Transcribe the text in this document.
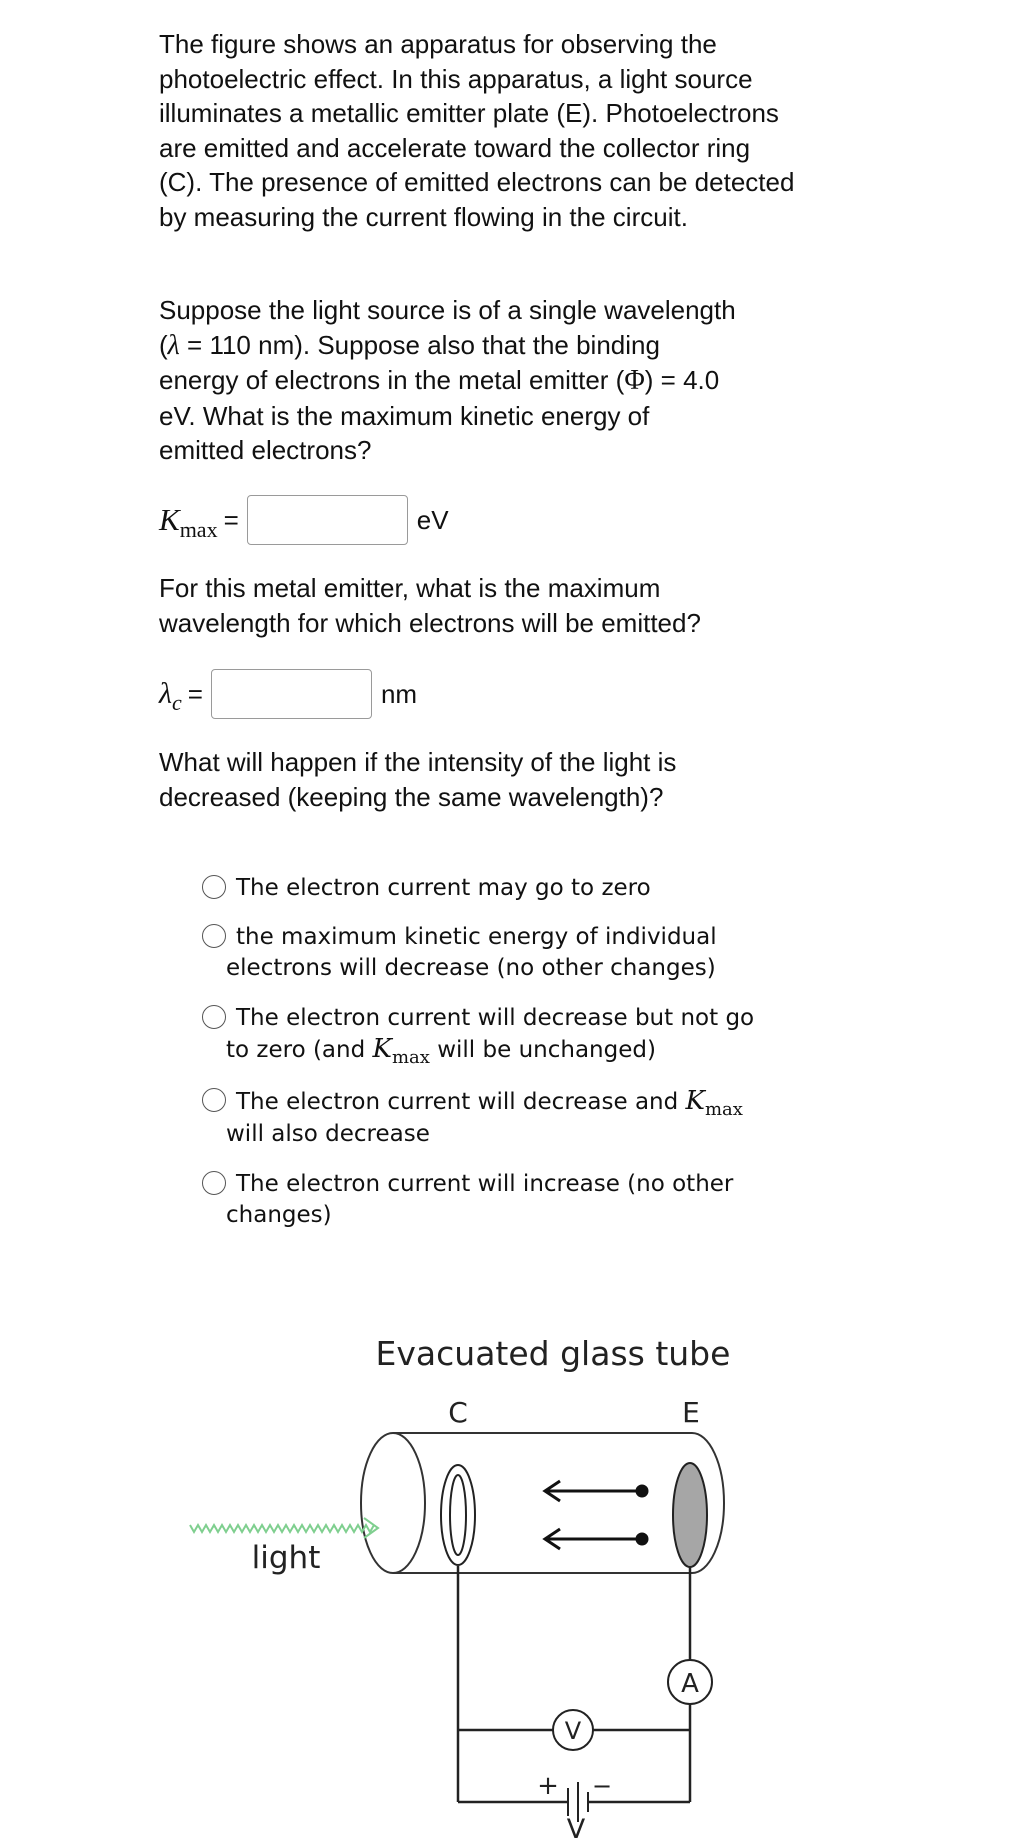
The figure shows an apparatus for observing the photoelectric effect. In this apparatus, a light source illuminates a metallic emitter plate (E). Photoelectrons are emitted and accelerate toward the collector ring (C). The presence of emitted electrons can be detected by measuring the current flowing in the circuit.

Suppose the light source is of a single wavelength
(λ = 110 nm). Suppose also that the binding
energy of electrons in the metal emitter (Φ) = 4.0
eV. What is the maximum kinetic energy of
emitted electrons?
$K_{max}$ =	eV
For this metal emitter, what is the maximum
wavelength for which electrons will be emitted?
$\lambda_c$ =	nm
What will happen if the intensity of the light is
decreased (keeping the same wavelength)?
The electron current may go to zero
the maximum kinetic energy of individual
electrons will decrease (no other changes)
The electron current will decrease but not go
to zero (and $K_{max}$ will be unchanged)
The electron current will decrease and $K_{max}$
will also decrease
The electron current will increase (no other
changes)
Evacuated glass tube
C	E
light
A
V
+ −
V
